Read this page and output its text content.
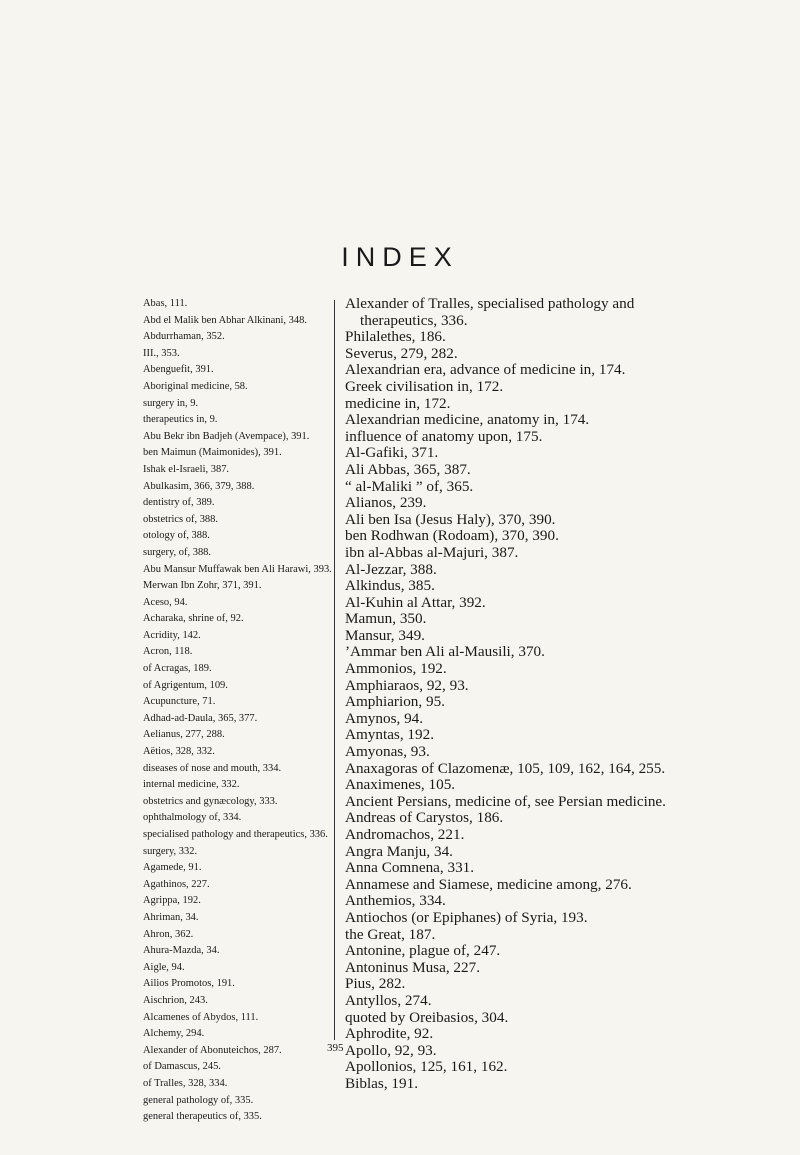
INDEX
Abas, 111.
Abd el Malik ben Abhar Alkinani, 348.
Abdurrhaman, 352.
III., 353.
Abenguefit, 391.
Aboriginal medicine, 58.
surgery in, 9.
therapeutics in, 9.
Abu Bekr ibn Badjeh (Avempace), 391.
ben Maimun (Maimonides), 391.
Ishak el-Israeli, 387.
Abulkasim, 366, 379, 388.
dentistry of, 389.
obstetrics of, 388.
otology of, 388.
surgery, of, 388.
Abu Mansur Muffawak ben Ali Harawi, 393.
Merwan Ibn Zohr, 371, 391.
Aceso, 94.
Acharaka, shrine of, 92.
Acridity, 142.
Acron, 118.
of Acragas, 189.
of Agrigentum, 109.
Acupuncture, 71.
Adhad-ad-Daula, 365, 377.
Aelianus, 277, 288.
Aëtios, 328, 332.
diseases of nose and mouth, 334.
internal medicine, 332.
obstetrics and gynæcology, 333.
ophthalmology of, 334.
specialised pathology and therapeutics, 336.
surgery, 332.
Agamede, 91.
Agathinos, 227.
Agrippa, 192.
Ahriman, 34.
Ahron, 362.
Ahura-Mazda, 34.
Aigle, 94.
Ailios Promotos, 191.
Aischrion, 243.
Alcamenes of Abydos, 111.
Alchemy, 294.
Alexander of Abonuteichos, 287.
of Damascus, 245.
of Tralles, 328, 334.
general pathology of, 335.
general therapeutics of, 335.
Alexander of Tralles, specialised pathology and therapeutics, 336.
Philalethes, 186.
Severus, 279, 282.
Alexandrian era, advance of medicine in, 174.
Greek civilisation in, 172.
medicine in, 172.
Alexandrian medicine, anatomy in, 174.
influence of anatomy upon, 175.
Al-Gafiki, 371.
Ali Abbas, 365, 387.
“ al-Maliki ” of, 365.
Alianos, 239.
Ali ben Isa (Jesus Haly), 370, 390.
ben Rodhwan (Rodoam), 370, 390.
ibn al-Abbas al-Majuri, 387.
Al-Jezzar, 388.
Alkindus, 385.
Al-Kuhin al Attar, 392.
Mamun, 350.
Mansur, 349.
’Ammar ben Ali al-Mausili, 370.
Ammonios, 192.
Amphiaraos, 92, 93.
Amphiarion, 95.
Amynos, 94.
Amyntas, 192.
Amyonas, 93.
Anaxagoras of Clazomenæ, 105, 109, 162, 164, 255.
Anaximenes, 105.
Ancient Persians, medicine of, see Persian medicine.
Andreas of Carystos, 186.
Andromachos, 221.
Angra Manju, 34.
Anna Comnena, 331.
Annamese and Siamese, medicine among, 276.
Anthemios, 334.
Antiochos (or Epiphanes) of Syria, 193.
the Great, 187.
Antonine, plague of, 247.
Antoninus Musa, 227.
Pius, 282.
Antyllos, 274.
quoted by Oreibasios, 304.
Aphrodite, 92.
Apollo, 92, 93.
Apollonios, 125, 161, 162.
Biblas, 191.
395
